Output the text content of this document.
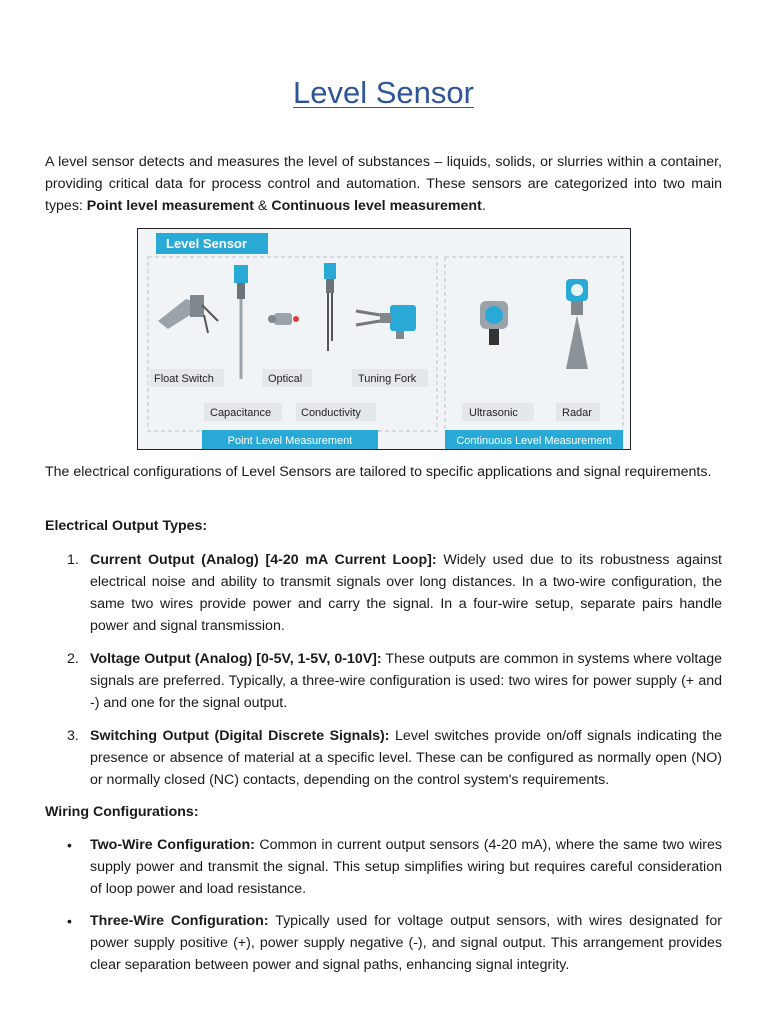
Level Sensor

A level sensor detects and measures the level of substances – liquids, solids, or slurries within a container, providing critical data for process control and automation. These sensors are categorized into two main types: Point level measurement & Continuous level measurement.

Level Sensor
Float Switch	Optical	Tuning Fork
Capacitance	Conductivity	Ultrasonic	Radar
Point Level Measurement	Continuous Level Measurement

The electrical configurations of Level Sensors are tailored to specific applications and signal requirements.

Electrical Output Types:

1. Current Output (Analog) [4-20 mA Current Loop]: Widely used due to its robustness against electrical noise and ability to transmit signals over long distances. In a two-wire configuration, the same two wires provide power and carry the signal. In a four-wire setup, separate pairs handle power and signal transmission.
2. Voltage Output (Analog) [0-5V, 1-5V, 0-10V]: These outputs are common in systems where voltage signals are preferred. Typically, a three-wire configuration is used: two wires for power supply (+ and -) and one for the signal output.
3. Switching Output (Digital Discrete Signals): Level switches provide on/off signals indicating the presence or absence of material at a specific level. These can be configured as normally open (NO) or normally closed (NC) contacts, depending on the control system's requirements.

Wiring Configurations:

• Two-Wire Configuration: Common in current output sensors (4-20 mA), where the same two wires supply power and transmit the signal. This setup simplifies wiring but requires careful consideration of loop power and load resistance.
• Three-Wire Configuration: Typically used for voltage output sensors, with wires designated for power supply positive (+), power supply negative (-), and signal output. This arrangement provides clear separation between power and signal paths, enhancing signal integrity.
